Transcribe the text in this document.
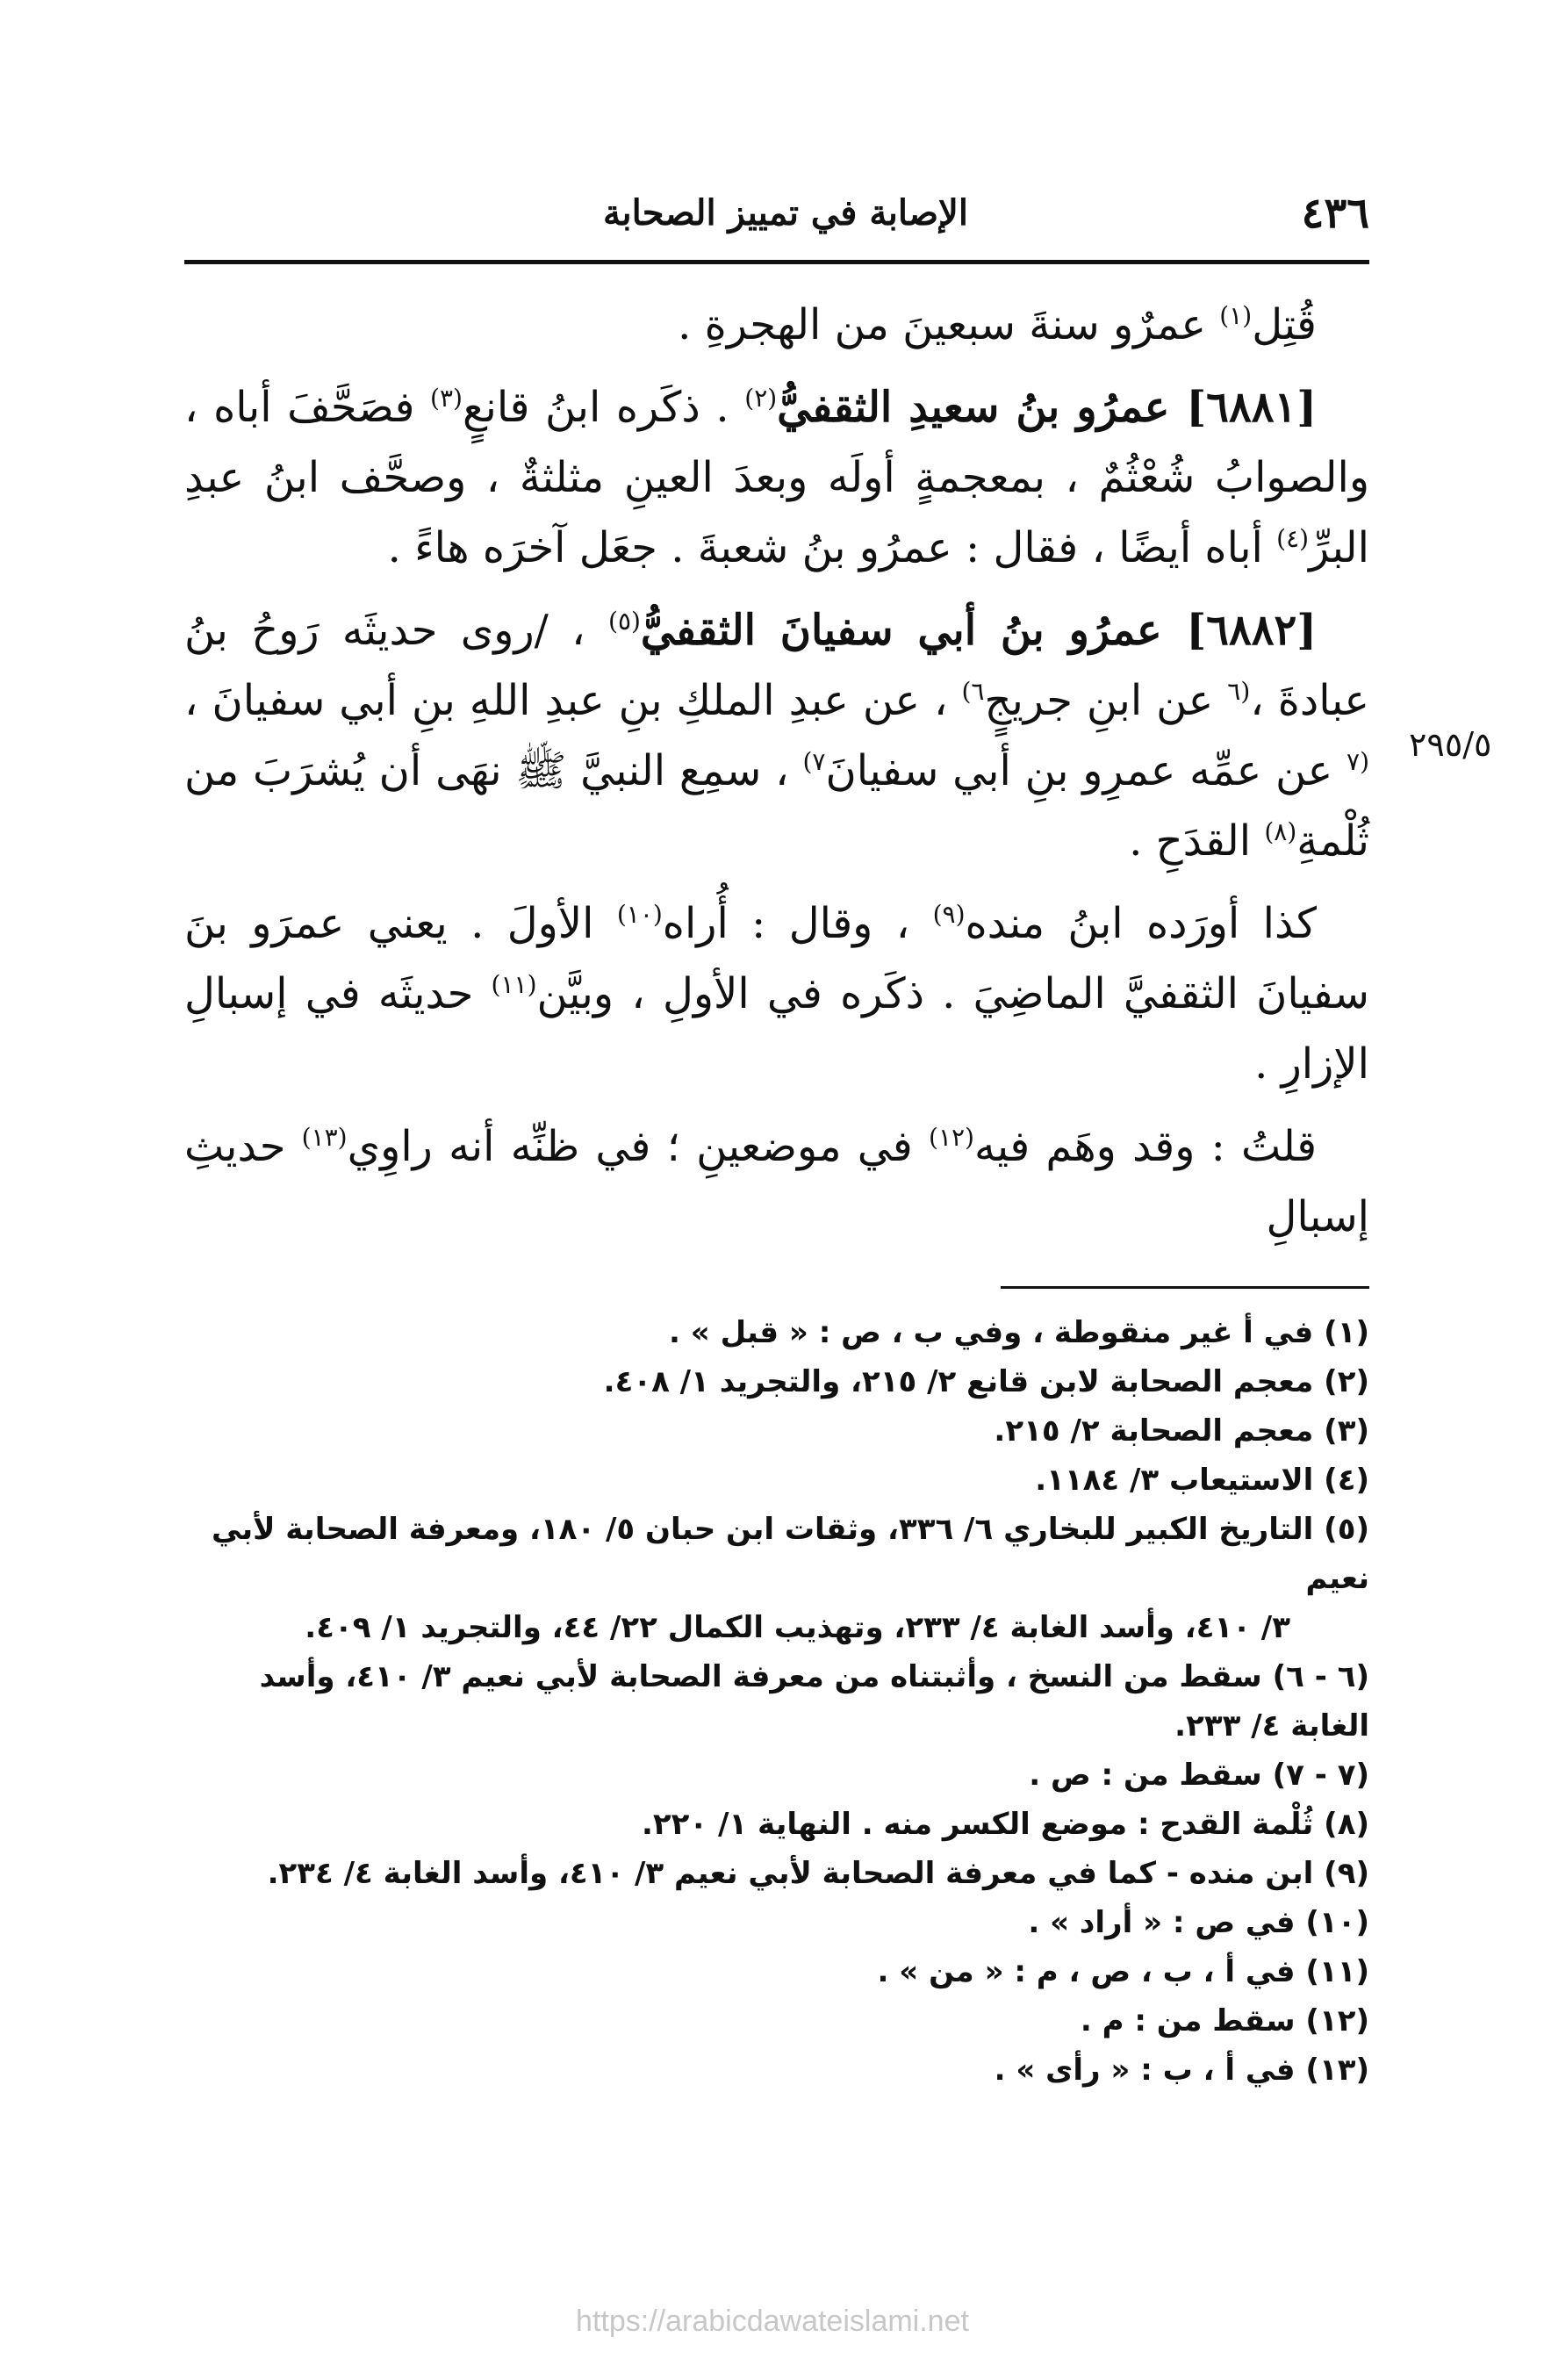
٤٣٦
الإصابة في تمييز الصحابة
٢٩٥/٥

قُتِل$^{(١)}$ عمرٌو سنةَ سبعينَ من الهجرةِ .

[٦٨٨١] عمرُو بنُ سعيدِ الثقفيُّ$^{(٢)}$ . ذكَره ابنُ قانعٍ$^{(٣)}$ فصَحَّفَ أباه ، والصوابُ شُعْثُمٌ ، بمعجمةٍ أولَه وبعدَ العينِ مثلثةٌ ، وصحَّف ابنُ عبدِ البرِّ$^{(٤)}$ أباه أيضًا ، فقال : عمرُو بنُ شعبةَ . جعَل آخرَه هاءً .

[٦٨٨٢] عمرُو بنُ أبي سفيانَ الثقفيُّ$^{(٥)}$ ، /روى حديثَه رَوحُ بنُ عبادةَ ،$^{(٦}$ عن ابنِ جريجٍ$^{٦)}$ ، عن عبدِ الملكِ بنِ عبدِ اللهِ بنِ أبي سفيانَ ،$^{(٧}$ عن عمِّه عمرِو بنِ أبي سفيانَ$^{٧)}$ ، سمِع النبيَّ ﷺ نهَى أن يُشرَبَ من ثُلْمةِ$^{(٨)}$ القدَحِ .

كذا أورَده ابنُ منده$^{(٩)}$ ، وقال : أُراه$^{(١٠)}$ الأولَ . يعني عمرَو بنَ سفيانَ الثقفيَّ الماضِيَ . ذكَره في الأولِ ، وبيَّن$^{(١١)}$ حديثَه في إسبالِ الإزارِ .

قلتُ : وقد وهَم فيه$^{(١٢)}$ في موضعينِ ؛ في ظنِّه أنه راوِي$^{(١٣)}$ حديثِ إسبالِ

(١) في أ غير منقوطة ، وفي ب ، ص : « قبل » .

(٢) معجم الصحابة لابن قانع ٢/ ٢١٥، والتجريد ١/ ٤٠٨.

(٣) معجم الصحابة ٢/ ٢١٥.

(٤) الاستيعاب ٣/ ١١٨٤.

(٥) التاريخ الكبير للبخاري ٦/ ٣٣٦، وثقات ابن حبان ٥/ ١٨٠، ومعرفة الصحابة لأبي نعيم

٣/ ٤١٠، وأسد الغابة ٤/ ٢٣٣، وتهذيب الكمال ٢٢/ ٤٤، والتجريد ١/ ٤٠٩.

(٦ - ٦) سقط من النسخ ، وأثبتناه من معرفة الصحابة لأبي نعيم ٣/ ٤١٠، وأسد الغابة ٤/ ٢٣٣.

(٧ - ٧) سقط من : ص .

(٨) ثُلْمة القدح : موضع الكسر منه . النهاية ١/ ٢٢٠.

(٩) ابن منده - كما في معرفة الصحابة لأبي نعيم ٣/ ٤١٠، وأسد الغابة ٤/ ٢٣٤.

(١٠) في ص : « أراد » .

(١١) في أ ، ب ، ص ، م : « من » .

(١٢) سقط من : م .

(١٣) في أ ، ب : « رأى » .

https://arabicdawateislami.net
